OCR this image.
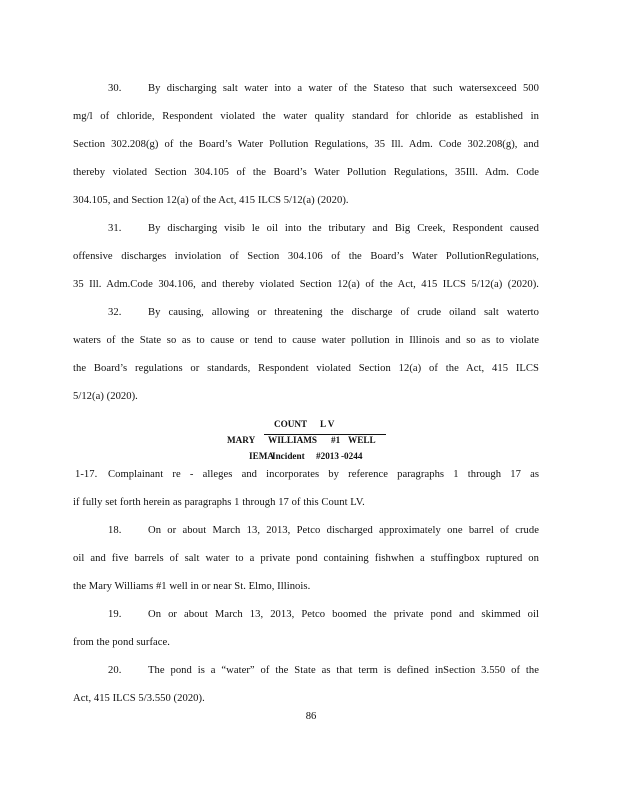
30.	By discharging salt water into a water of the Stateso that such watersexceed 500
mg/l of chloride, Respondent violated the water quality standard for chloride as established in
Section 302.208(g) of the Board’s Water Pollution Regulations, 35 Ill. Adm. Code 302.208(g), and
thereby violated Section 304.105 of the Board’s Water Pollution Regulations, 35Ill. Adm. Code
304.105, and Section 12(a) of the Act, 415 ILCS 5/12(a) (2020).
31.	By discharging visib le oil into the tributary and Big Creek, Respondent caused
offensive discharges inviolation of Section 304.106 of the Board’s Water PollutionRegulations,
35 Ill. Adm.Code 304.106, and thereby violated Section 12(a) of the Act, 415 ILCS 5/12(a) (2020).
32.	By causing, allowing or threatening the discharge of crude oiland salt waterto
waters of the State so as to cause or tend to cause water pollution in Illinois and so as to violate
the Board’s regulations or standards, Respondent violated Section 12(a) of the Act, 415 ILCS
5/12(a) (2020).
COUNT L V
MARY WILLIAMS #1 WELL
IEMA
Incident #2013 -0244
1-17. Complainant re - alleges and incorporates by reference paragraphs 1 through 17 as
if fully set forth herein as paragraphs 1 through 17 of this Count LV.
18.	On or about March 13, 2013, Petco discharged approximately one barrel of crude
oil and five barrels of salt water to a private pond containing fishwhen a stuffingbox ruptured on
the Mary Williams #1 well in or near St. Elmo, Illinois.
19.	On or about March 13, 2013, Petco boomed the private pond and skimmed oil
from the pond surface.
20.	The pond is a “water” of the State as that term is defined inSection 3.550 of the
Act, 415 ILCS 5/3.550 (2020).
86
